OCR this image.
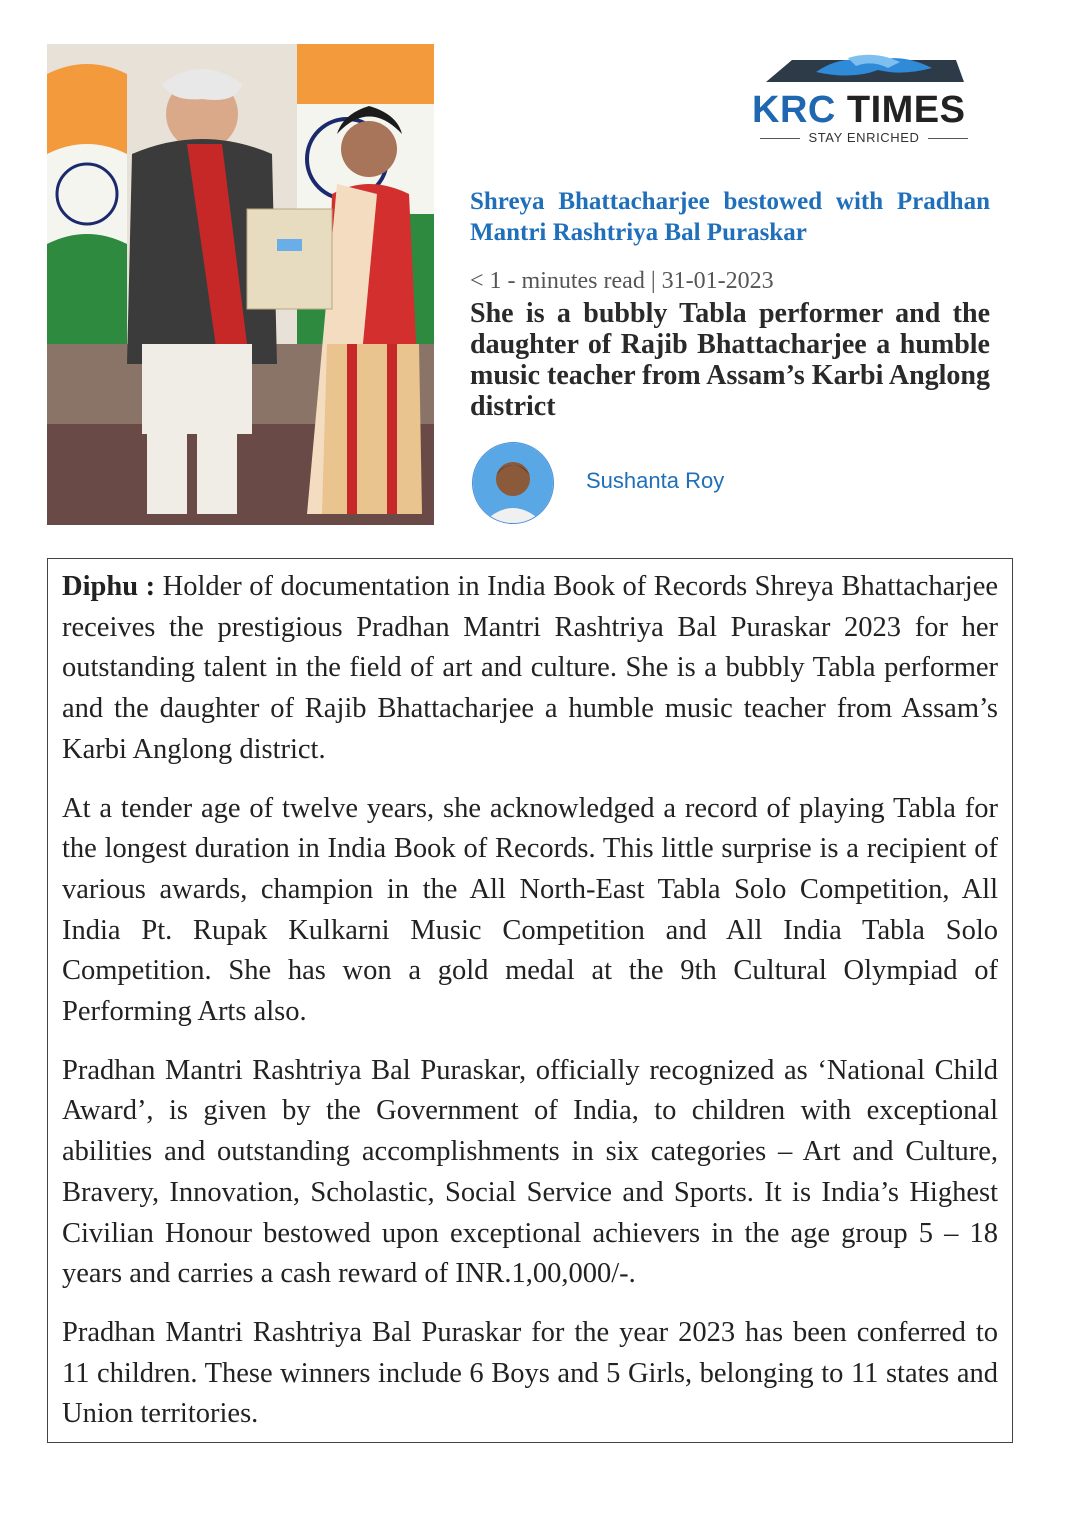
KRC TIMES
STAY ENRICHED
Shreya Bhattacharjee bestowed with Pradhan Mantri Rashtriya Bal Puraskar
< 1 - minutes read | 31-01-2023
She is a bubbly Tabla performer and the daughter of Rajib Bhattacharjee a humble music teacher from Assam’s Karbi Anglong district
Sushanta Roy

Diphu : Holder of documentation in India Book of Records Shreya Bhattacharjee receives the prestigious Pradhan Mantri Rashtriya Bal Puraskar 2023 for her outstanding talent in the field of art and culture. She is a bubbly Tabla performer and the daughter of Rajib Bhattacharjee a humble music teacher from Assam’s Karbi Anglong district.

At a tender age of twelve years, she acknowledged a record of playing Tabla for the longest duration in India Book of Records. This little surprise is a recipient of various awards, champion in the All North-East Tabla Solo Competition, All India Pt. Rupak Kulkarni Music Competition and All India Tabla Solo Competition. She has won a gold medal at the 9th Cultural Olympiad of Performing Arts also.

Pradhan Mantri Rashtriya Bal Puraskar, officially recognized as ‘National Child Award’, is given by the Government of India, to children with exceptional abilities and outstanding accomplishments in six categories – Art and Culture, Bravery, Innovation, Scholastic, Social Service and Sports. It is India’s Highest Civilian Honour bestowed upon exceptional achievers in the age group 5 – 18 years and carries a cash reward of INR.1,00,000/-.

Pradhan Mantri Rashtriya Bal Puraskar for the year 2023 has been conferred to 11 children. These winners include 6 Boys and 5 Girls, belonging to 11 states and Union territories.
